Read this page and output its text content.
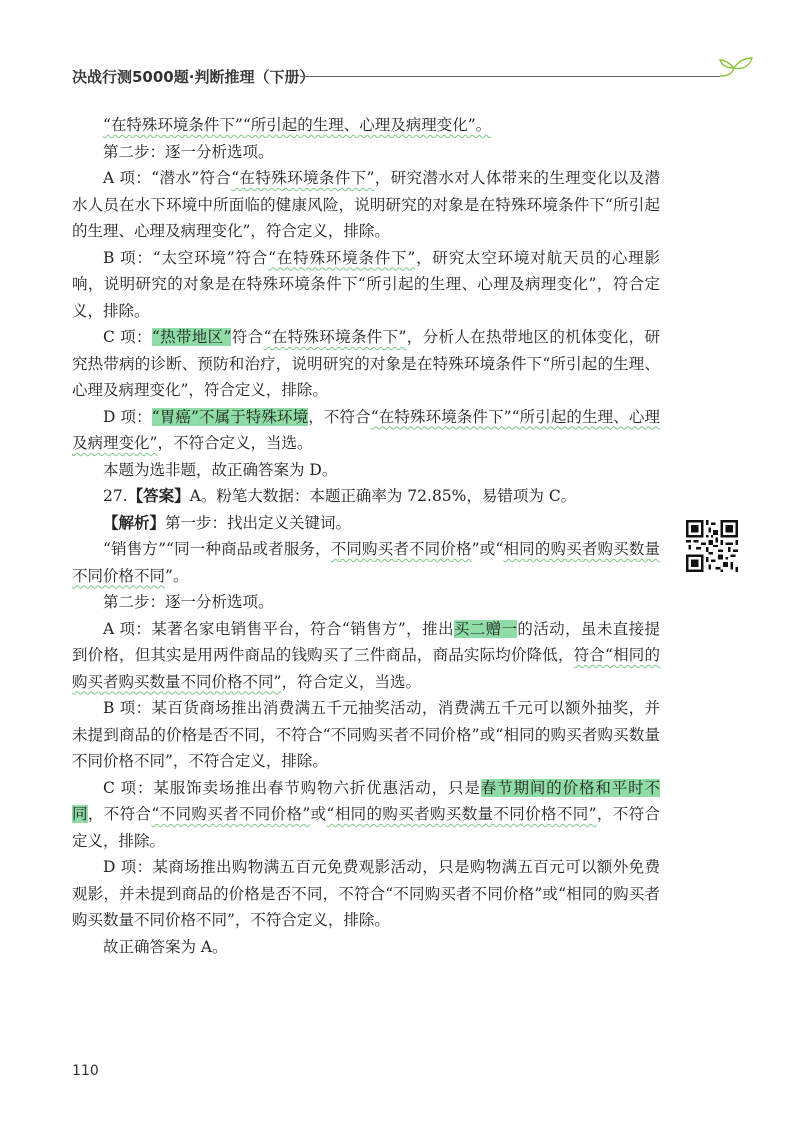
决战行测5000题·判断推理（下册）

“在特殊环境条件下”“所引起的生理、心理及病理变化”。

第二步：逐一分析选项。

A 项：“潜水”符合“在特殊环境条件下”，研究潜水对人体带来的生理变化以及潜水人员在水下环境中所面临的健康风险，说明研究的对象是在特殊环境条件下“所引起的生理、心理及病理变化”，符合定义，排除。

B 项：“太空环境”符合“在特殊环境条件下”，研究太空环境对航天员的心理影响，说明研究的对象是在特殊环境条件下“所引起的生理、心理及病理变化”，符合定义，排除。

C 项：“热带地区”符合“在特殊环境条件下”，分析人在热带地区的机体变化，研究热带病的诊断、预防和治疗，说明研究的对象是在特殊环境条件下“所引起的生理、心理及病理变化”，符合定义，排除。

D 项：“胃癌”不属于特殊环境，不符合“在特殊环境条件下”“所引起的生理、心理及病理变化”，不符合定义，当选。

本题为选非题，故正确答案为 D。

27.【答案】A。粉笔大数据：本题正确率为 72.85%，易错项为 C。

【解析】第一步：找出定义关键词。

“销售方”“同一种商品或者服务，不同购买者不同价格”或“相同的购买者购买数量不同价格不同”。

第二步：逐一分析选项。

A 项：某著名家电销售平台，符合“销售方”，推出买二赠一的活动，虽未直接提到价格，但其实是用两件商品的钱购买了三件商品，商品实际均价降低，符合“相同的购买者购买数量不同价格不同”，符合定义，当选。

B 项：某百货商场推出消费满五千元抽奖活动，消费满五千元可以额外抽奖，并未提到商品的价格是否不同，不符合“不同购买者不同价格”或“相同的购买者购买数量不同价格不同”，不符合定义，排除。

C 项：某服饰卖场推出春节购物六折优惠活动，只是春节期间的价格和平时不同，不符合“不同购买者不同价格”或“相同的购买者购买数量不同价格不同”，不符合定义，排除。

D 项：某商场推出购物满五百元免费观影活动，只是购物满五百元可以额外免费观影，并未提到商品的价格是否不同，不符合“不同购买者不同价格”或“相同的购买者购买数量不同价格不同”，不符合定义，排除。

故正确答案为 A。

110
